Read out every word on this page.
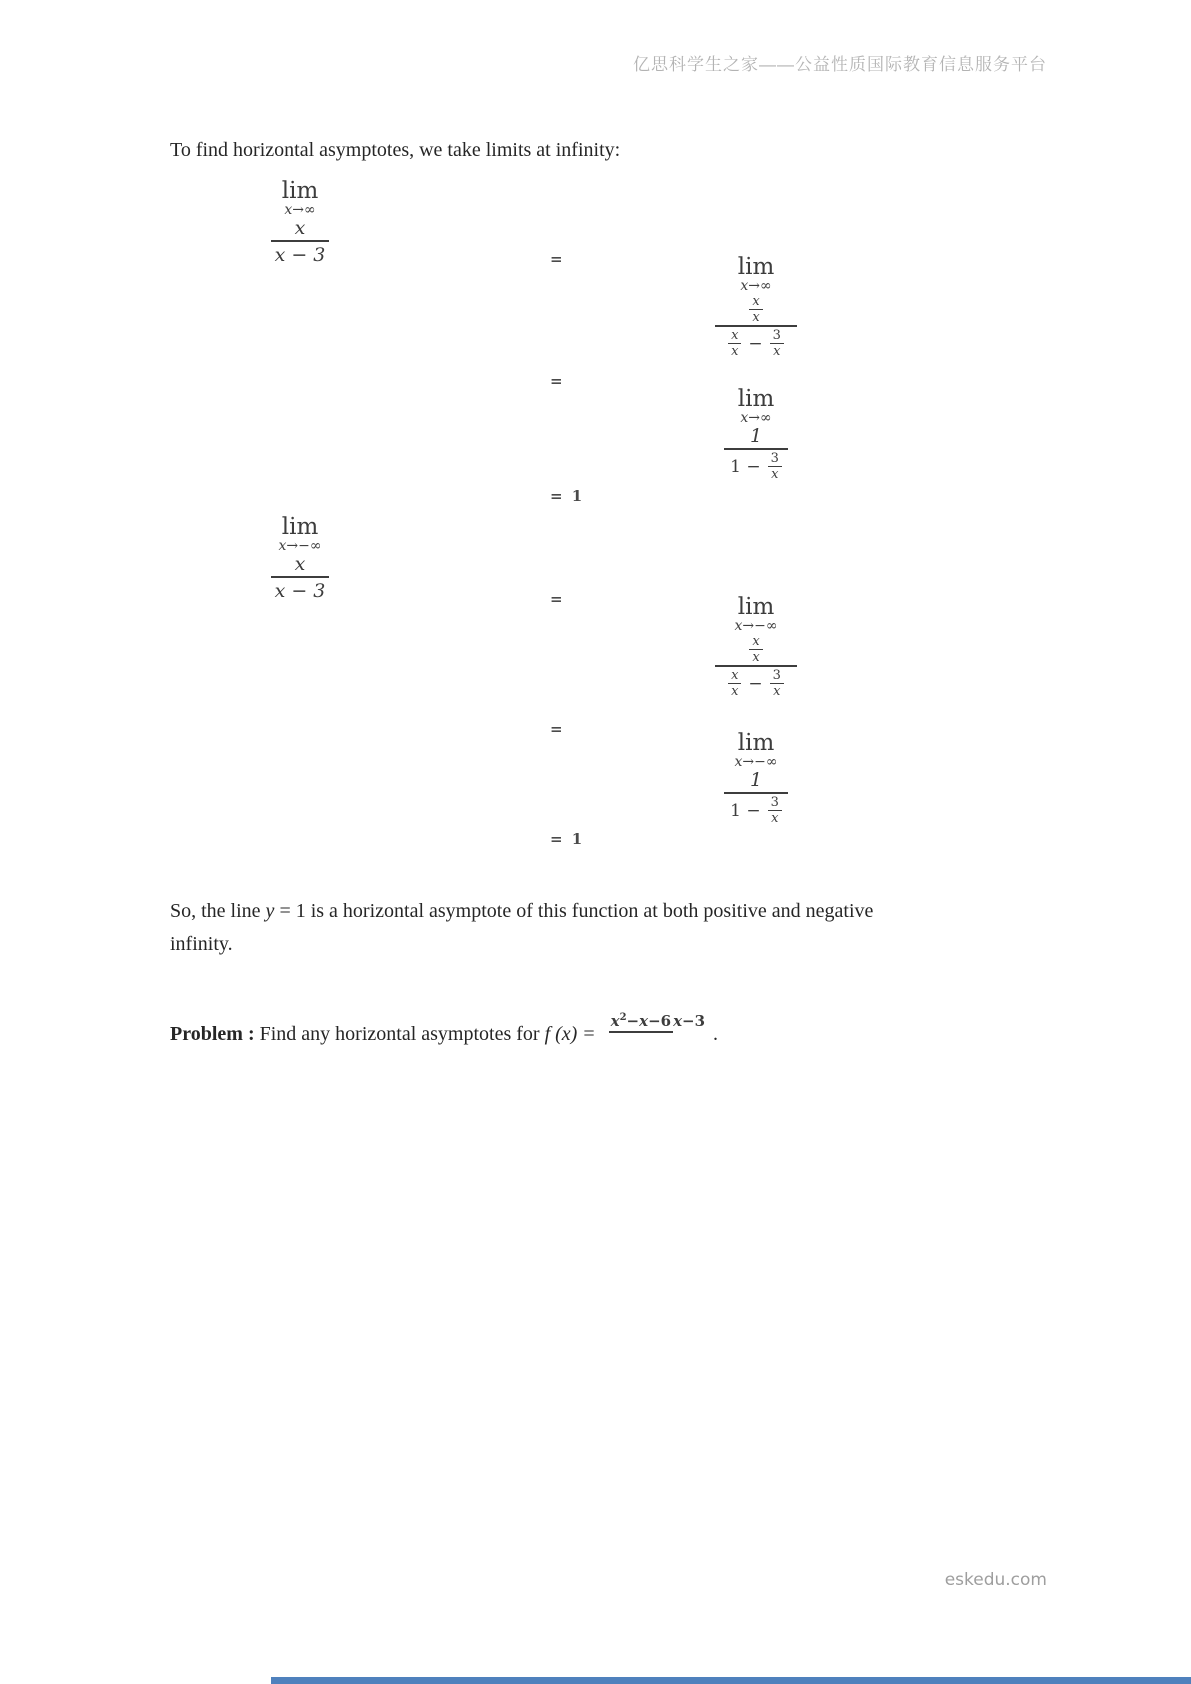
亿思科学生之家——公益性质国际教育信息服务平台
To find horizontal asymptotes, we take limits at infinity:
lim
x→∞
x
x − 3	=	lim
x→∞
$\frac{x}{x}$
$\frac{x}{x} - \frac{3}{x}$
=
lim
x→∞
1
$1 - \frac{3}{x}$
= 1
lim
x→−∞
x
x − 3	=	lim
x→−∞
$\frac{x}{x}$
$\frac{x}{x} - \frac{3}{x}$
=
lim
x→−∞
1
$1 - \frac{3}{x}$
= 1

So, the line y = 1 is a horizontal asymptote of this function at both positive and negative infinity.

Problem : Find any horizontal asymptotes for f $(x) =x^2-x-6$ x−3.

eskedu.com
